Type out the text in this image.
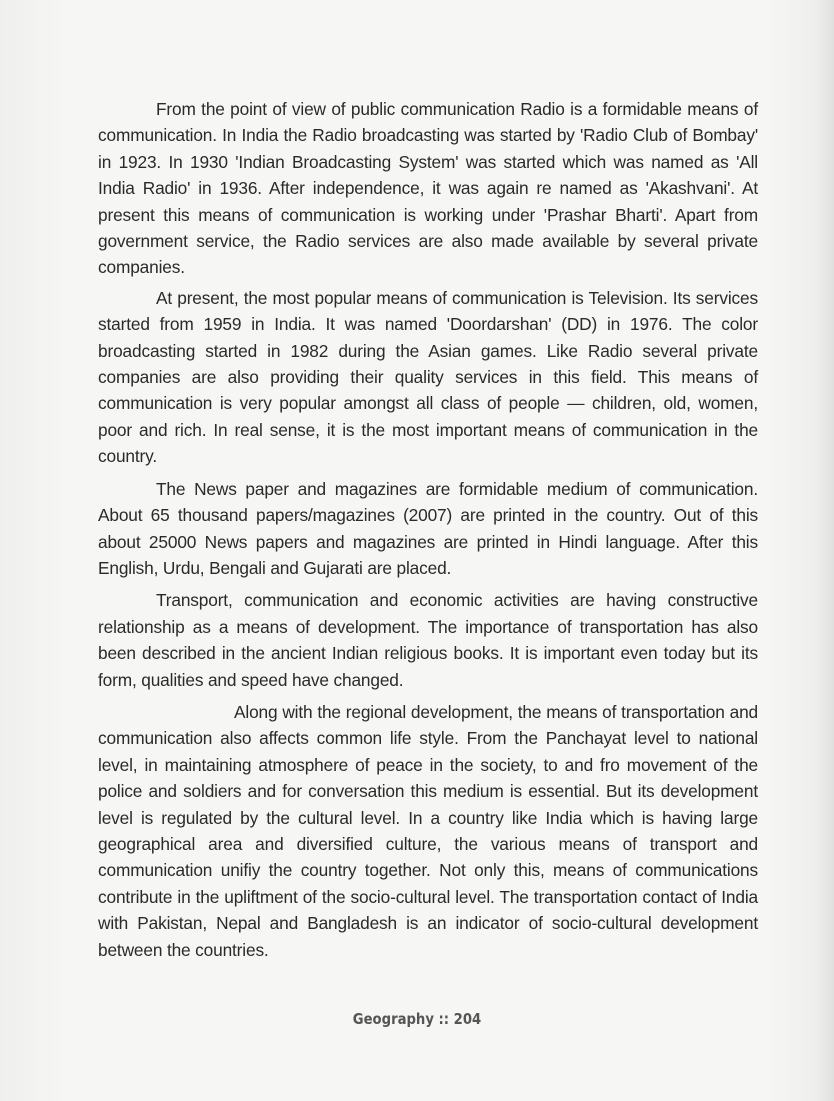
From the point of view of public communication Radio is a formidable means of communication. In India the Radio broadcasting was started by 'Radio Club of Bombay' in 1923. In 1930 'Indian Broadcasting System' was started which was named as 'All India Radio' in 1936. After independence, it was again re named as 'Akashvani'. At present this means of communication is working under 'Prashar Bharti'. Apart from government service, the Radio services are also made available by several private companies.

At present, the most popular means of communication is Television. Its services started from 1959 in India. It was named 'Doordarshan' (DD) in 1976. The color broadcasting started in 1982 during the Asian games. Like Radio several private companies are also providing their quality services in this field. This means of communication is very popular amongst all class of people — children, old, women, poor and rich. In real sense, it is the most important means of communication in the country.

The News paper and magazines are formidable medium of communication. About 65 thousand papers/magazines (2007) are printed in the country. Out of this about 25000 News papers and magazines are printed in Hindi language. After this English, Urdu, Bengali and Gujarati are placed.

Transport, communication and economic activities are having constructive relationship as a means of development. The importance of transportation has also been described in the ancient Indian religious books. It is important even today but its form, qualities and speed have changed.

Along with the regional development, the means of transportation and communication also affects common life style. From the Panchayat level to national level, in maintaining atmosphere of peace in the society, to and fro movement of the police and soldiers and for conversation this medium is essential. But its development level is regulated by the cultural level. In a country like India which is having large geographical area and diversified culture, the various means of transport and communication unifiy the country together. Not only this, means of communications contribute in the upliftment of the socio-cultural level. The transportation contact of India with Pakistan, Nepal and Bangladesh is an indicator of socio-cultural development between the countries.

Geography :: 204
